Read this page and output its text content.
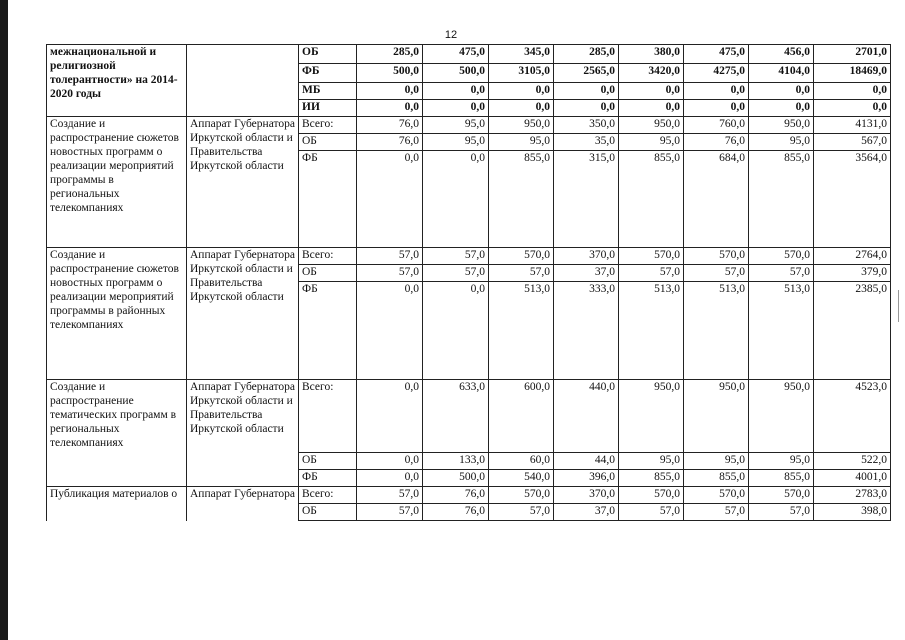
12
межнациональной и религиозной толерантности» на 2014-2020 годы		ОБ	285,0	475,0	345,0	285,0	380,0	475,0	456,0	2701,0
		ФБ	500,0	500,0	3105,0	2565,0	3420,0	4275,0	4104,0	18469,0
		МБ	0,0	0,0	0,0	0,0	0,0	0,0	0,0	0,0
		ИИ	0,0	0,0	0,0	0,0	0,0	0,0	0,0	0,0

Создание и распространение сюжетов новостных программ о реализации мероприятий программы в региональных телекомпаниях	Аппарат Губернатора Иркутской области и Правительства Иркутской области	Всего:	76,0	95,0	950,0	350,0	950,0	760,0	950,0	4131,0
		ОБ	76,0	95,0	95,0	35,0	95,0	76,0	95,0	567,0
		ФБ	0,0	0,0	855,0	315,0	855,0	684,0	855,0	3564,0

Создание и распространение сюжетов новостных программ о реализации мероприятий программы в районных телекомпаниях	Аппарат Губернатора Иркутской области и Правительства Иркутской области	Всего:	57,0	57,0	570,0	370,0	570,0	570,0	570,0	2764,0
		ОБ	57,0	57,0	57,0	37,0	57,0	57,0	57,0	379,0
		ФБ	0,0	0,0	513,0	333,0	513,0	513,0	513,0	2385,0

Создание и распространение тематических программ в региональных телекомпаниях	Аппарат Губернатора Иркутской области и Правительства Иркутской области	Всего:	0,0	633,0	600,0	440,0	950,0	950,0	950,0	4523,0
		ОБ	0,0	133,0	60,0	44,0	95,0	95,0	95,0	522,0
		ФБ	0,0	500,0	540,0	396,0	855,0	855,0	855,0	4001,0

Публикация материалов о	Аппарат Губернатора	Всего:	57,0	76,0	570,0	370,0	570,0	570,0	570,0	2783,0
		ОБ	57,0	76,0	57,0	37,0	57,0	57,0	57,0	398,0
